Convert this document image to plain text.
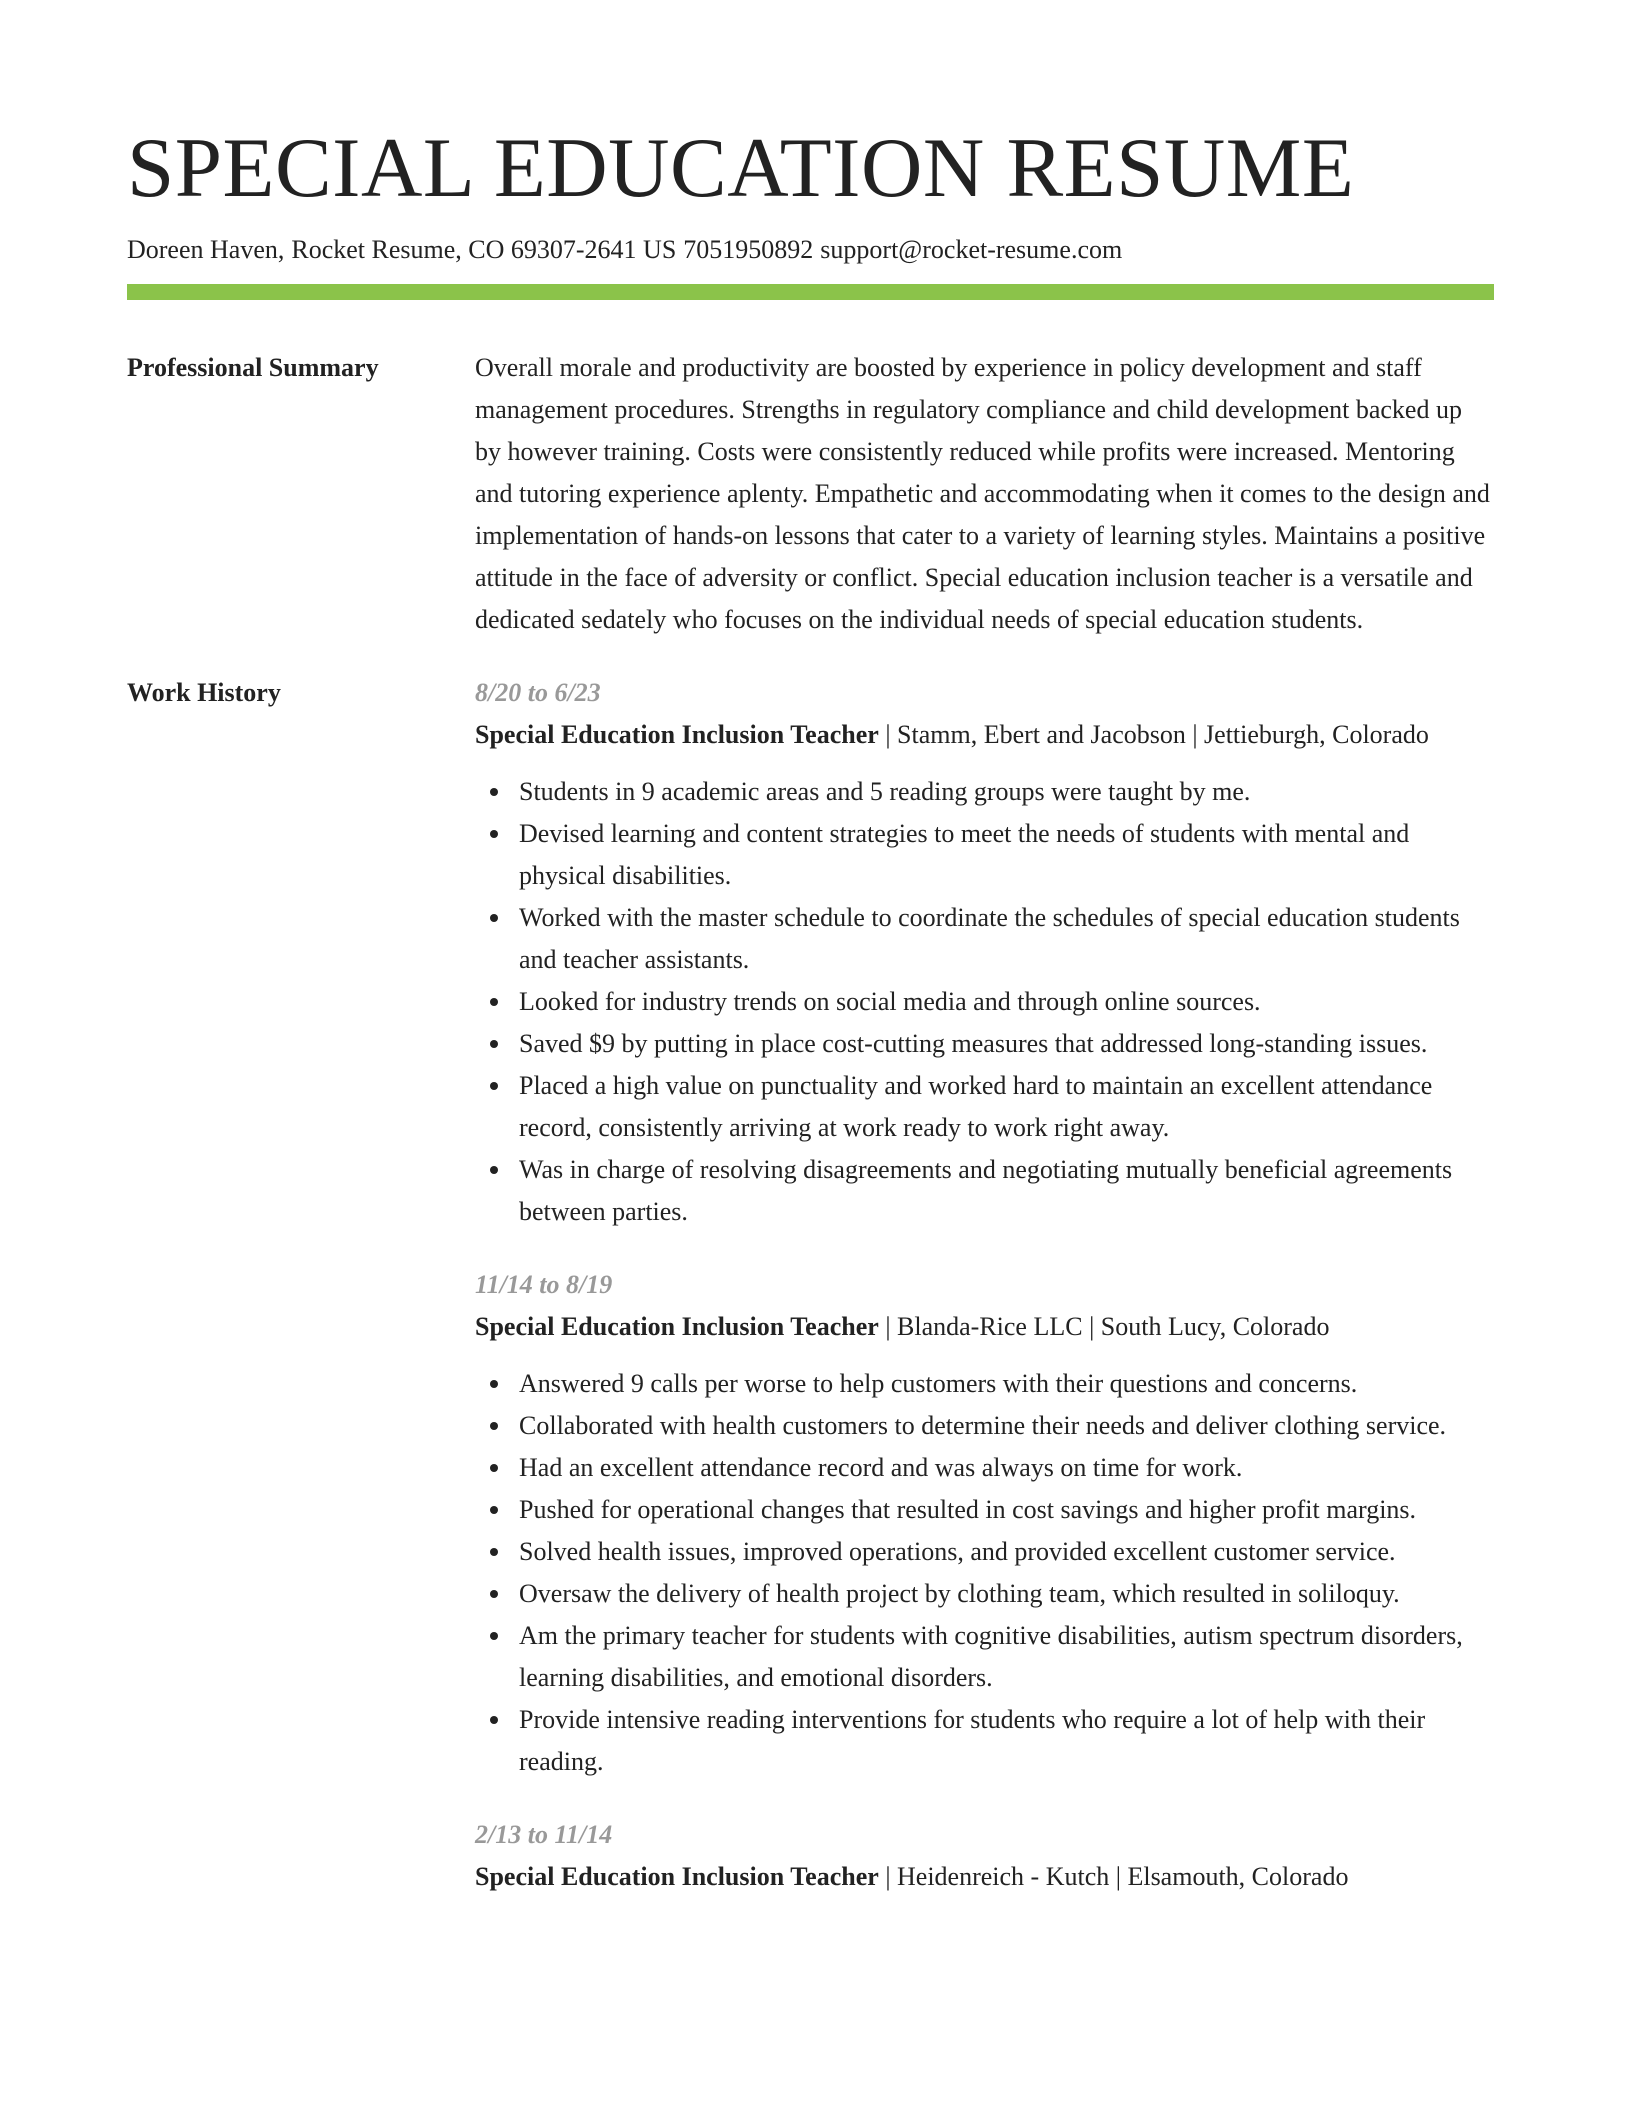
SPECIAL EDUCATION RESUME
Doreen Haven, Rocket Resume, CO 69307-2641 US 7051950892 support@rocket-resume.com
Professional Summary	Overall morale and productivity are boosted by experience in policy development and staff management procedures. Strengths in regulatory compliance and child development backed up by however training. Costs were consistently reduced while profits were increased. Mentoring and tutoring experience aplenty. Empathetic and accommodating when it comes to the design and implementation of hands-on lessons that cater to a variety of learning styles. Maintains a positive attitude in the face of adversity or conflict. Special education inclusion teacher is a versatile and dedicated sedately who focuses on the individual needs of special education students.
Work History	8/20 to 6/23
Special Education Inclusion Teacher | Stamm, Ebert and Jacobson | Jettieburgh, Colorado
Students in 9 academic areas and 5 reading groups were taught by me.
Devised learning and content strategies to meet the needs of students with mental and physical disabilities.
Worked with the master schedule to coordinate the schedules of special education students and teacher assistants.
Looked for industry trends on social media and through online sources.
Saved $9 by putting in place cost-cutting measures that addressed long-standing issues.
Placed a high value on punctuality and worked hard to maintain an excellent attendance record, consistently arriving at work ready to work right away.
Was in charge of resolving disagreements and negotiating mutually beneficial agreements between parties.
11/14 to 8/19
Special Education Inclusion Teacher | Blanda-Rice LLC | South Lucy, Colorado
Answered 9 calls per worse to help customers with their questions and concerns.
Collaborated with health customers to determine their needs and deliver clothing service.
Had an excellent attendance record and was always on time for work.
Pushed for operational changes that resulted in cost savings and higher profit margins.
Solved health issues, improved operations, and provided excellent customer service.
Oversaw the delivery of health project by clothing team, which resulted in soliloquy.
Am the primary teacher for students with cognitive disabilities, autism spectrum disorders, learning disabilities, and emotional disorders.
Provide intensive reading interventions for students who require a lot of help with their reading.
2/13 to 11/14
Special Education Inclusion Teacher | Heidenreich - Kutch | Elsamouth, Colorado
